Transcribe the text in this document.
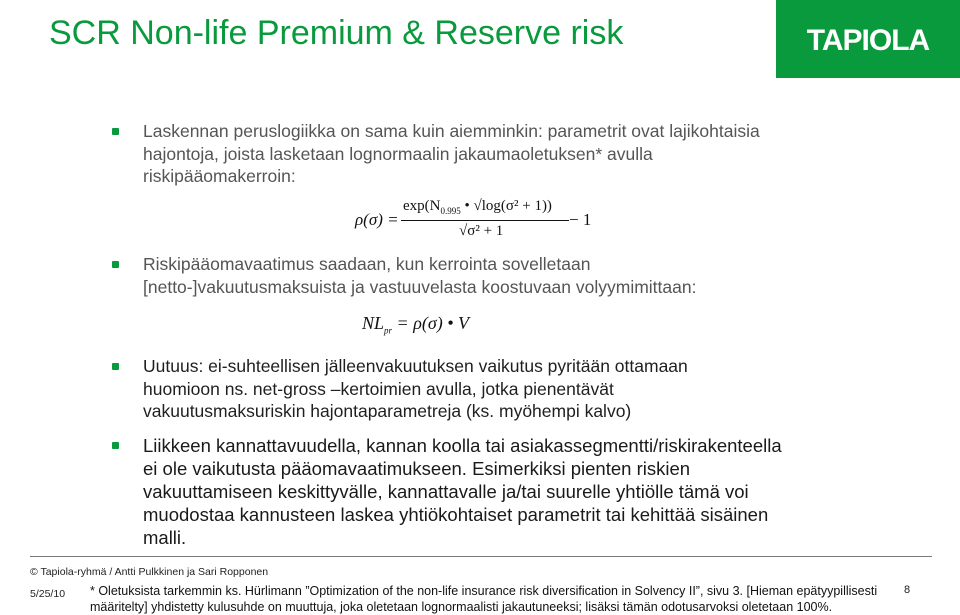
SCR Non-life Premium & Reserve risk	TAPIOLA
Laskennan peruslogiikka on sama kuin aiemminkin: parametrit ovat lajikohtaisia
hajontoja, joista lasketaan lognormaalin jakaumaoletuksen* avulla
riskipääomakerroin:
ρ(σ) =
$\exp(N_{0.995}$ • √log(σ² + 1))
√σ² + 1
− 1
Riskipääomavaatimus saadaan, kun kerrointa sovelletaan
[netto-]vakuutusmaksuista ja vastuuvelasta koostuvaan volyymimittaan:
$NL_{pr} = \rho(\sigma)$ • V
Uutuus: ei-suhteellisen jälleenvakuutuksen vaikutus pyritään ottamaan
huomioon ns. net-gross –kertoimien avulla, jotka pienentävät
vakuutusmaksuriskin hajontaparametreja (ks. myöhempi kalvo)
Liikkeen kannattavuudella, kannan koolla tai asiakassegmentti/riskirakenteella
ei ole vaikutusta pääomavaatimukseen. Esimerkiksi pienten riskien
vakuuttamiseen keskittyvälle, kannattavalle ja/tai suurelle yhtiölle tämä voi
muodostaa kannusteen laskea yhtiökohtaiset parametrit tai kehittää sisäinen
malli.
© Tapiola-ryhmä / Antti Pulkkinen ja Sari Ropponen
5/25/10	8
* Oletuksista tarkemmin ks. Hürlimann ”Optimization of the non-life insurance risk diversification in Solvency II”, sivu 3. [Hieman epätyypillisesti
määritelty] yhdistetty kulusuhde on muuttuja, joka oletetaan lognormaalisti jakautuneeksi; lisäksi tämän odotusarvoksi oletetaan 100%.
